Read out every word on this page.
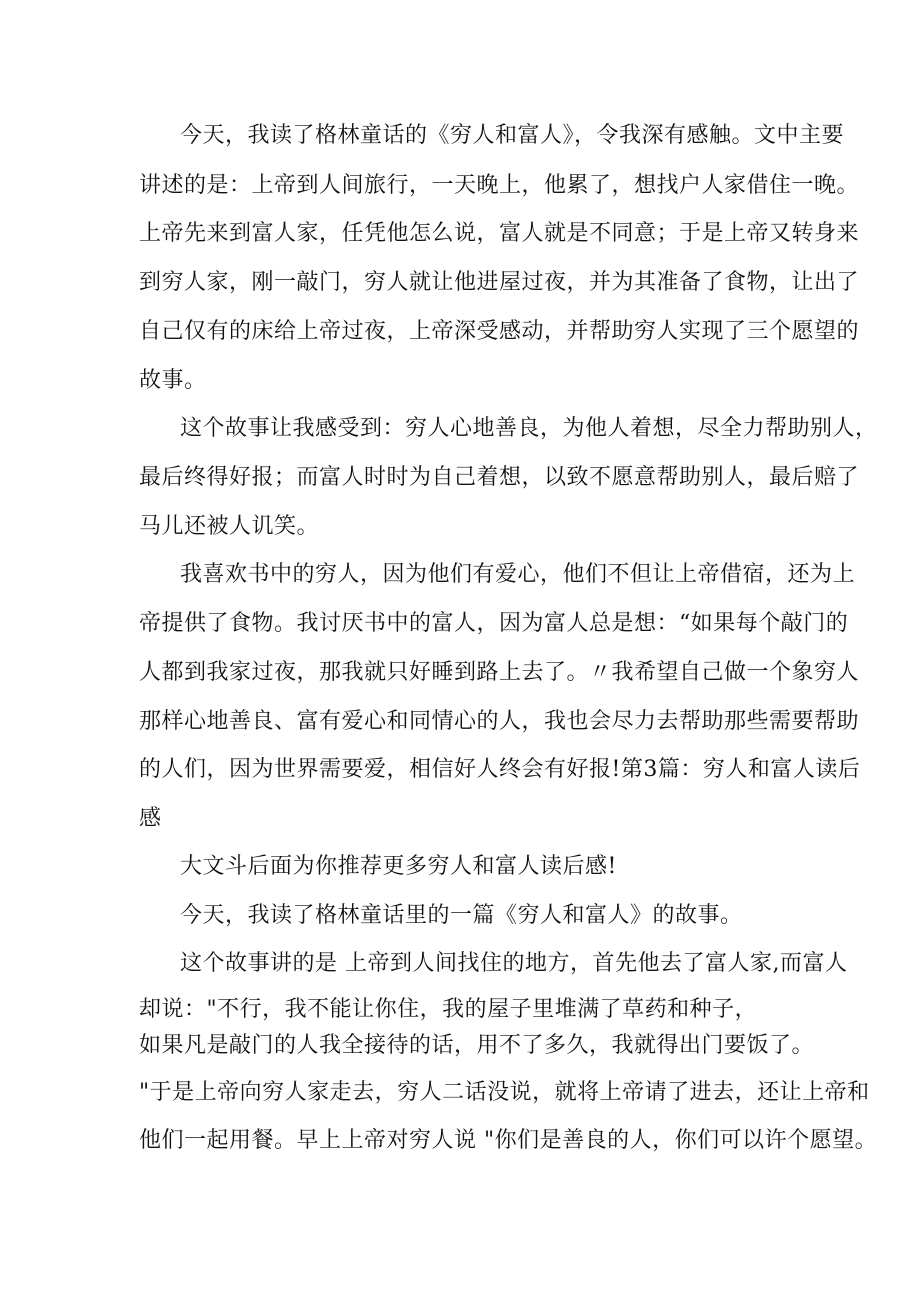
今天，我读了格林童话的《穷人和富人》，令我深有感触。文中主要

讲述的是：上帝到人间旅行，一天晚上，他累了，想找户人家借住一晚。

上帝先来到富人家，任凭他怎么说，富人就是不同意；于是上帝又转身来

到穷人家，刚一敲门，穷人就让他进屋过夜，并为其准备了食物，让出了

自己仅有的床给上帝过夜，上帝深受感动，并帮助穷人实现了三个愿望的

故事。

这个故事让我感受到：穷人心地善良，为他人着想，尽全力帮助别人，

最后终得好报；而富人时时为自己着想，以致不愿意帮助别人，最后赔了

马儿还被人讥笑。

我喜欢书中的穷人，因为他们有爱心，他们不但让上帝借宿，还为上

帝提供了食物。我讨厌书中的富人，因为富人总是想：“如果每个敲门的

人都到我家过夜，那我就只好睡到路上去了。〃我希望自己做一个象穷人

那样心地善良、富有爱心和同情心的人，我也会尽力去帮助那些需要帮助

的人们，因为世界需要爱，相信好人终会有好报!第3篇：穷人和富人读后

感

大文斗后面为你推荐更多穷人和富人读后感!

今天，我读了格林童话里的一篇《穷人和富人》的故事。

这个故事讲的是 上帝到人间找住的地方，首先他去了富人家,而富人

却说："不行，我不能让你住，我的屋子里堆满了草药和种子，

如果凡是敲门的人我全接待的话，用不了多久，我就得出门要饭了。

"于是上帝向穷人家走去，穷人二话没说，就将上帝请了进去，还让上帝和

他们一起用餐。早上上帝对穷人说 "你们是善良的人，你们可以许个愿望。
